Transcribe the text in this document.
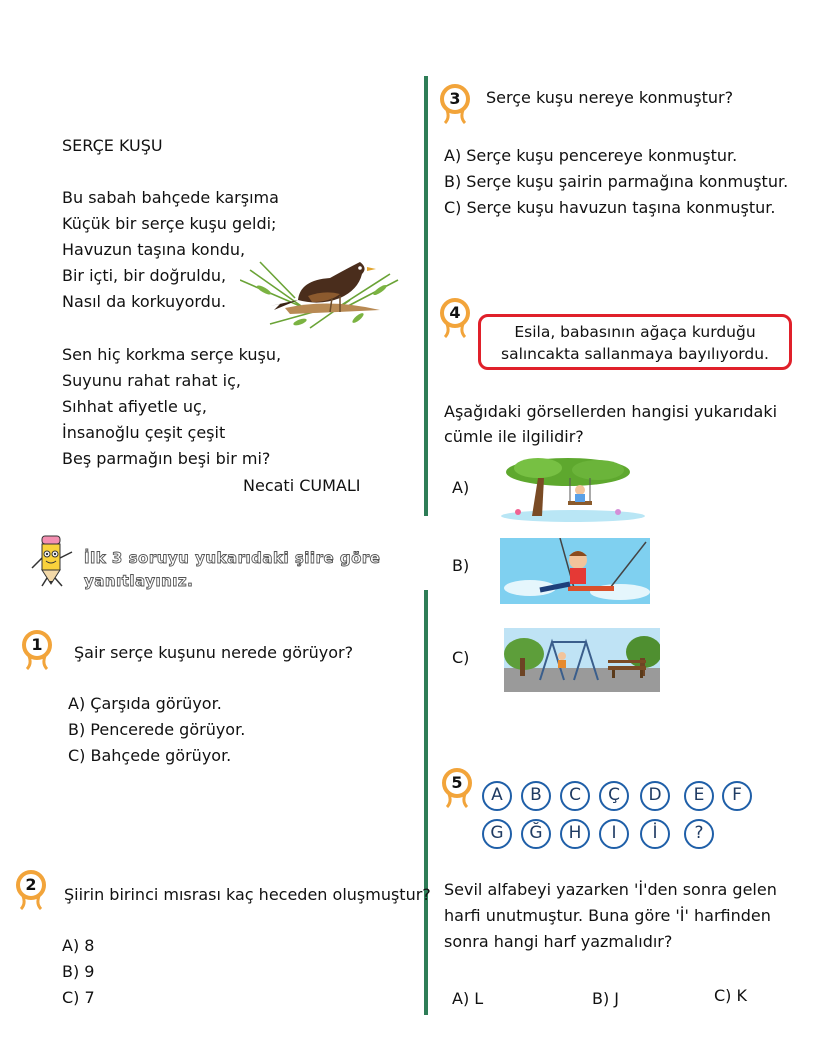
SERÇE KUŞU
Bu sabah bahçede karşıma
Küçük bir serçe kuşu geldi;
Havuzun taşına kondu,
Bir içti, bir doğruldu,
Nasıl da korkuyordu.
Sen hiç korkma serçe kuşu,
Suyunu rahat rahat iç,
Sıhhat afiyetle uç,
İnsanoğlu çeşit çeşit
Beş parmağın beşi bir mi?
Necati CUMALI
İlk 3 soruyu yukarıdaki şiire göre
yanıtlayınız.
1 Şair serçe kuşunu nerede görüyor?
A) Çarşıda görüyor.
B) Pencerede görüyor.
C) Bahçede görüyor.
2
Şiirin birinci mısrası kaç heceden oluşmuştur?
A) 8
B) 9
C) 7
3 Serçe kuşu nereye konmuştur?
A) Serçe kuşu pencereye konmuştur.
B) Serçe kuşu şairin parmağına konmuştur.
C) Serçe kuşu havuzun taşına konmuştur.
4
Esila, babasının ağaça kurduğu
salıncakta sallanmaya bayılıyordu.
Aşağıdaki görsellerden hangisi yukarıdaki
cümle ile ilgilidir?
A)
B)
C)
5
A	B	C	Ç	D	E	F
G	Ğ	H	I	İ	?
Sevil alfabeyi yazarken 'İ'den sonra gelen
harfi unutmuştur. Buna göre 'İ' harfinden
sonra hangi harf yazmalıdır?
A) L	B) J	C) K
